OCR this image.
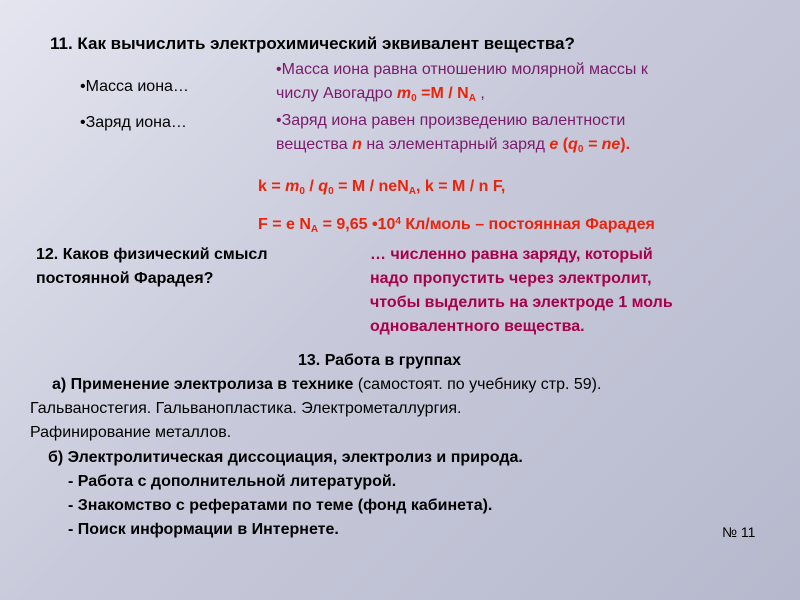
11. Как вычислить электрохимический эквивалент вещества?
•Масса иона…
•Заряд иона…
•Масса иона равна отношению молярной массы к
числу Авогадро $m_0 =M / N_A$ ,
•Заряд иона равен произведению валентности
вещества n на элементарный заряд e $(q_0 = ne)$.
$k = m_0 / q_0 = M / neN_A$, k = M / n F,
F = e $N_A = 9,65$ $•10^4$ Кл/моль – постоянная Фарадея
12. Каков физический смысл
постоянной Фарадея?
… численно равна заряду, который
надо пропустить через электролит,
чтобы выделить на электроде 1 моль
одновалентного вещества.
13. Работа в группах
а) Применение электролиза в технике (самостоят. по учебнику стр. 59).
Гальваностегия. Гальванопластика. Электрометаллургия.
Рафинирование металлов.
б) Электролитическая диссоциация, электролиз и природа.
- Работа с дополнительной литературой.
- Знакомство с рефератами по теме (фонд кабинета).
- Поиск информации в Интернете.	№ 11
